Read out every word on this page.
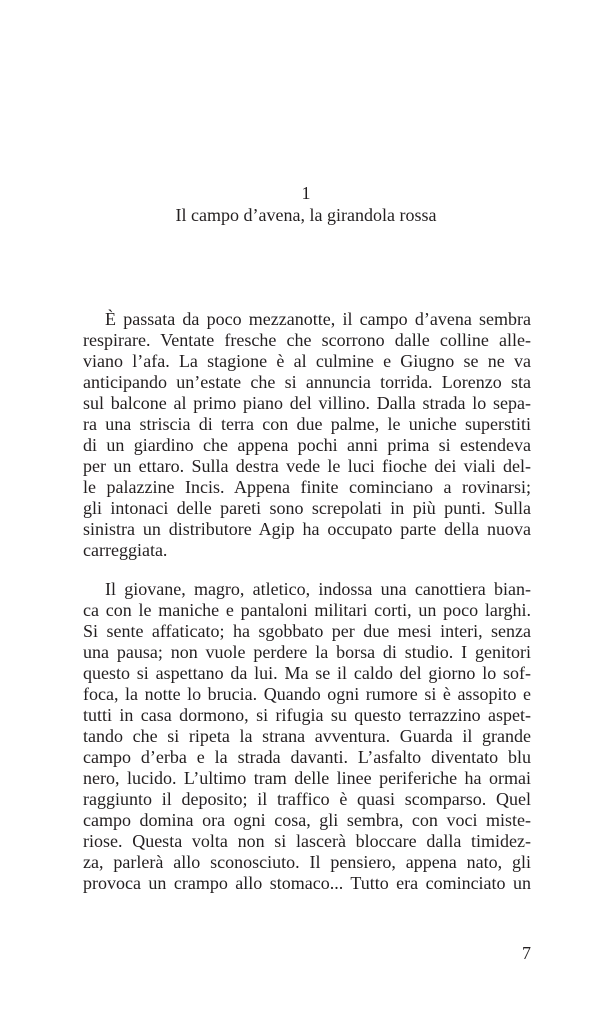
1
Il campo d’avena, la girandola rossa
È passata da poco mezzanotte, il campo d’avena sembra
respirare. Ventate fresche che scorrono dalle colline alle-
viano l’afa. La stagione è al culmine e Giugno se ne va
anticipando un’estate che si annuncia torrida. Lorenzo sta
sul balcone al primo piano del villino. Dalla strada lo sepa-
ra una striscia di terra con due palme, le uniche superstiti
di un giardino che appena pochi anni prima si estendeva
per un ettaro. Sulla destra vede le luci fioche dei viali del-
le palazzine Incis. Appena finite cominciano a rovinarsi;
gli intonaci delle pareti sono screpolati in più punti. Sulla
sinistra un distributore Agip ha occupato parte della nuova
carreggiata.
Il giovane, magro, atletico, indossa una canottiera bian-
ca con le maniche e pantaloni militari corti, un poco larghi.
Si sente affaticato; ha sgobbato per due mesi interi, senza
una pausa; non vuole perdere la borsa di studio. I genitori
questo si aspettano da lui. Ma se il caldo del giorno lo sof-
foca, la notte lo brucia. Quando ogni rumore si è assopito e
tutti in casa dormono, si rifugia su questo terrazzino aspet-
tando che si ripeta la strana avventura. Guarda il grande
campo d’erba e la strada davanti. L’asfalto diventato blu
nero, lucido. L’ultimo tram delle linee periferiche ha ormai
raggiunto il deposito; il traffico è quasi scomparso. Quel
campo domina ora ogni cosa, gli sembra, con voci miste-
riose. Questa volta non si lascerà bloccare dalla timidez-
za, parlerà allo sconosciuto. Il pensiero, appena nato, gli
provoca un crampo allo stomaco... Tutto era cominciato un
7
